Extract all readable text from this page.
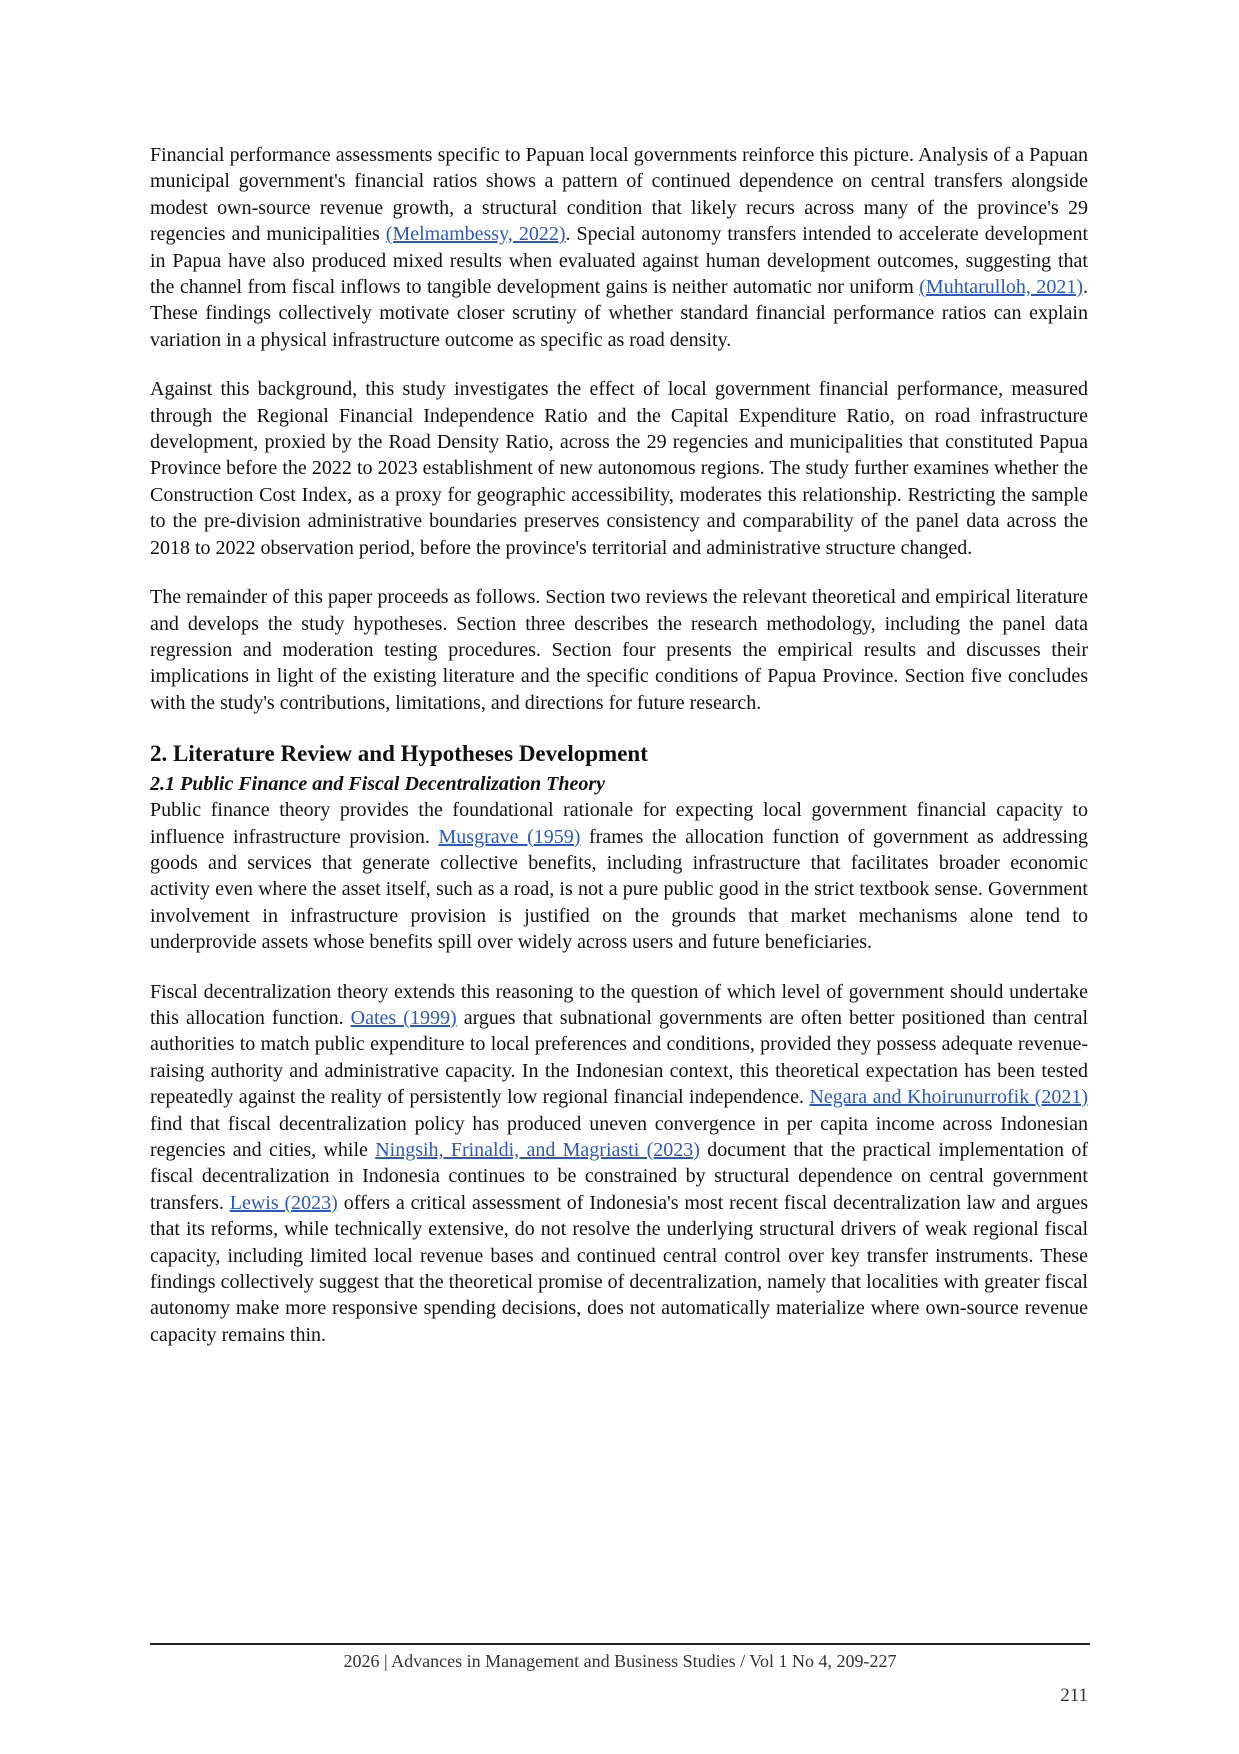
Financial performance assessments specific to Papuan local governments reinforce this picture. Analysis of a Papuan municipal government's financial ratios shows a pattern of continued dependence on central transfers alongside modest own-source revenue growth, a structural condition that likely recurs across many of the province's 29 regencies and municipalities (Melmambessy, 2022). Special autonomy transfers intended to accelerate development in Papua have also produced mixed results when evaluated against human development outcomes, suggesting that the channel from fiscal inflows to tangible development gains is neither automatic nor uniform (Muhtarulloh, 2021). These findings collectively motivate closer scrutiny of whether standard financial performance ratios can explain variation in a physical infrastructure outcome as specific as road density.

Against this background, this study investigates the effect of local government financial performance, measured through the Regional Financial Independence Ratio and the Capital Expenditure Ratio, on road infrastructure development, proxied by the Road Density Ratio, across the 29 regencies and municipalities that constituted Papua Province before the 2022 to 2023 establishment of new autonomous regions. The study further examines whether the Construction Cost Index, as a proxy for geographic accessibility, moderates this relationship. Restricting the sample to the pre-division administrative boundaries preserves consistency and comparability of the panel data across the 2018 to 2022 observation period, before the province's territorial and administrative structure changed.

The remainder of this paper proceeds as follows. Section two reviews the relevant theoretical and empirical literature and develops the study hypotheses. Section three describes the research methodology, including the panel data regression and moderation testing procedures. Section four presents the empirical results and discusses their implications in light of the existing literature and the specific conditions of Papua Province. Section five concludes with the study's contributions, limitations, and directions for future research.

2. Literature Review and Hypotheses Development
2.1 Public Finance and Fiscal Decentralization Theory

Public finance theory provides the foundational rationale for expecting local government financial capacity to influence infrastructure provision. Musgrave (1959) frames the allocation function of government as addressing goods and services that generate collective benefits, including infrastructure that facilitates broader economic activity even where the asset itself, such as a road, is not a pure public good in the strict textbook sense. Government involvement in infrastructure provision is justified on the grounds that market mechanisms alone tend to underprovide assets whose benefits spill over widely across users and future beneficiaries.

Fiscal decentralization theory extends this reasoning to the question of which level of government should undertake this allocation function. Oates (1999) argues that subnational governments are often better positioned than central authorities to match public expenditure to local preferences and conditions, provided they possess adequate revenue-raising authority and administrative capacity. In the Indonesian context, this theoretical expectation has been tested repeatedly against the reality of persistently low regional financial independence. Negara and Khoirunurrofik (2021) find that fiscal decentralization policy has produced uneven convergence in per capita income across Indonesian regencies and cities, while Ningsih, Frinaldi, and Magriasti (2023) document that the practical implementation of fiscal decentralization in Indonesia continues to be constrained by structural dependence on central government transfers. Lewis (2023) offers a critical assessment of Indonesia's most recent fiscal decentralization law and argues that its reforms, while technically extensive, do not resolve the underlying structural drivers of weak regional fiscal capacity, including limited local revenue bases and continued central control over key transfer instruments. These findings collectively suggest that the theoretical promise of decentralization, namely that localities with greater fiscal autonomy make more responsive spending decisions, does not automatically materialize where own-source revenue capacity remains thin.

2026 | Advances in Management and Business Studies / Vol 1 No 4, 209-227
211
